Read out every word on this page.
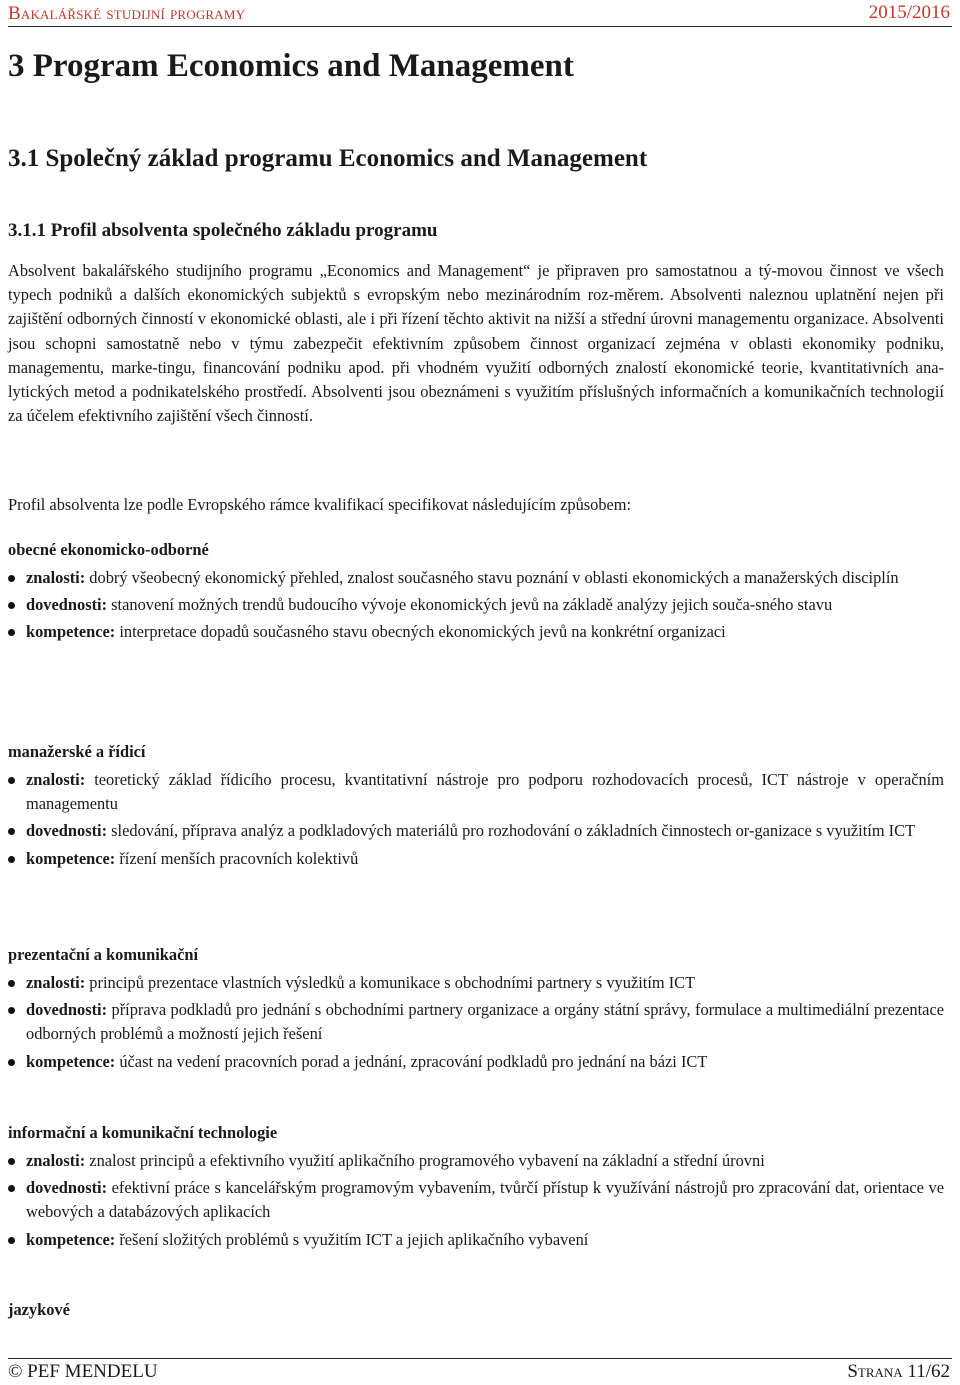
Bakalářské studijní programy	2015/2016
3 Program Economics and Management
3.1 Společný základ programu Economics and Management
3.1.1 Profil absolventa společného základu programu
Absolvent bakalářského studijního programu „Economics and Management“ je připraven pro samostatnou a tý-movou činnost ve všech typech podniků a dalších ekonomických subjektů s evropským nebo mezinárodním roz-měrem. Absolventi naleznou uplatnění nejen při zajištění odborných činností v ekonomické oblasti, ale i při řízení těchto aktivit na nižší a střední úrovni managementu organizace. Absolventi jsou schopni samostatně nebo v týmu zabezpečit efektivním způsobem činnost organizací zejména v oblasti ekonomiky podniku, managementu, marke-tingu, financování podniku apod. při vhodném využití odborných znalostí ekonomické teorie, kvantitativních ana-lytických metod a podnikatelského prostředí. Absolventi jsou obeznámeni s využitím příslušných informačních a komunikačních technologií za účelem efektivního zajištění všech činností.
Profil absolventa lze podle Evropského rámce kvalifikací specifikovat následujícím způsobem:
obecné ekonomicko-odborné
znalosti: dobrý všeobecný ekonomický přehled, znalost současného stavu poznání v oblasti ekonomických a manažerských disciplín
dovednosti: stanovení možných trendů budoucího vývoje ekonomických jevů na základě analýzy jejich souča-sného stavu
kompetence: interpretace dopadů současného stavu obecných ekonomických jevů na konkrétní organizaci
manažerské a řídicí
znalosti: teoretický základ řídicího procesu, kvantitativní nástroje pro podporu rozhodovacích procesů, ICT nástroje v operačním managementu
dovednosti: sledování, příprava analýz a podkladových materiálů pro rozhodování o základních činnostech or-ganizace s využitím ICT
kompetence: řízení menších pracovních kolektivů
prezentační a komunikační
znalosti: principů prezentace vlastních výsledků a komunikace s obchodními partnery s využitím ICT
dovednosti: příprava podkladů pro jednání s obchodními partnery organizace a orgány státní správy, formulace a multimediální prezentace odborných problémů a možností jejich řešení
kompetence: účast na vedení pracovních porad a jednání, zpracování podkladů pro jednání na bázi ICT
informační a komunikační technologie
znalosti: znalost principů a efektivního využití aplikačního programového vybavení na základní a střední úrovni
dovednosti: efektivní práce s kancelářským programovým vybavením, tvůrčí přístup k využívání nástrojů pro zpracování dat, orientace ve webových a databázových aplikacích
kompetence: řešení složitých problémů s využitím ICT a jejich aplikačního vybavení
jazykové
© PEF MENDELU	Strana 11/62
